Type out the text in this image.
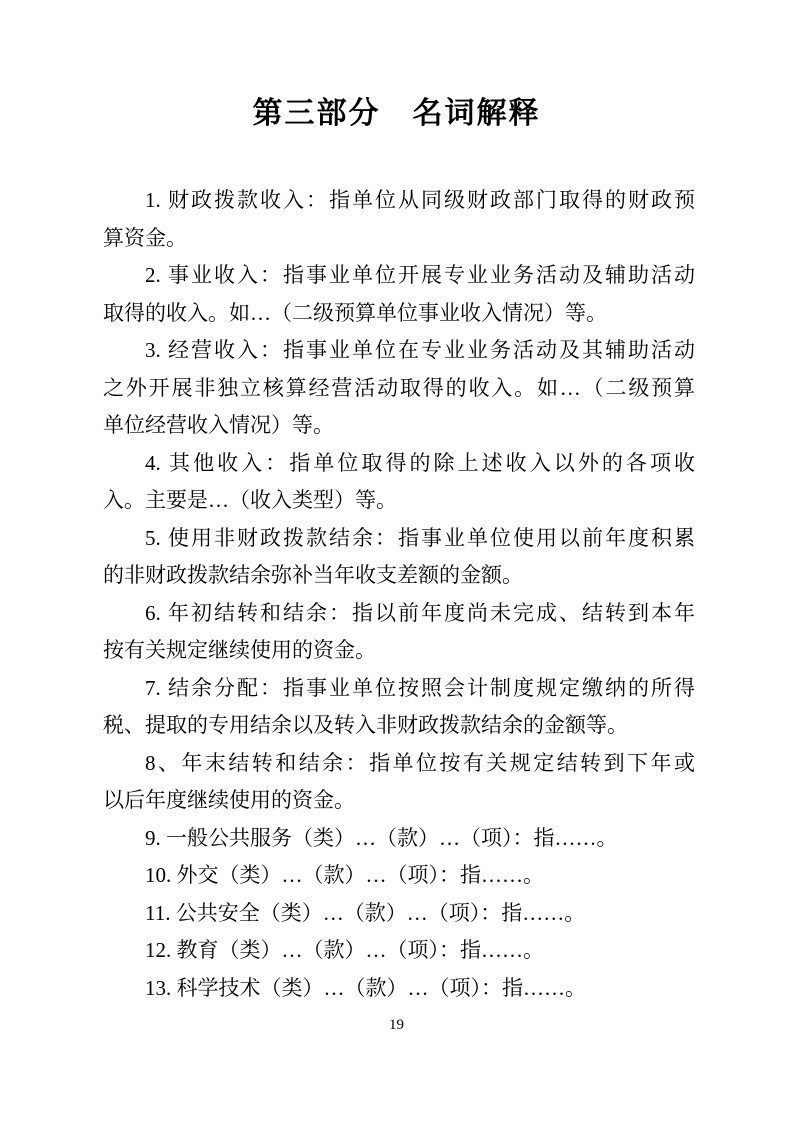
第三部分　名词解释
1. 财政拨款收入：指单位从同级财政部门取得的财政预
算资金。
2. 事业收入：指事业单位开展专业业务活动及辅助活动
取得的收入。如…（二级预算单位事业收入情况）等。
3. 经营收入：指事业单位在专业业务活动及其辅助活动
之外开展非独立核算经营活动取得的收入。如…（二级预算
单位经营收入情况）等。
4. 其他收入：指单位取得的除上述收入以外的各项收
入。主要是…（收入类型）等。
5. 使用非财政拨款结余：指事业单位使用以前年度积累
的非财政拨款结余弥补当年收支差额的金额。
6. 年初结转和结余：指以前年度尚未完成、结转到本年
按有关规定继续使用的资金。
7. 结余分配：指事业单位按照会计制度规定缴纳的所得
税、提取的专用结余以及转入非财政拨款结余的金额等。
8、年末结转和结余：指单位按有关规定结转到下年或
以后年度继续使用的资金。
9. 一般公共服务（类）…（款）…（项）：指……。
10. 外交（类）…（款）…（项）：指……。
11. 公共安全（类）…（款）…（项）：指……。
12. 教育（类）…（款）…（项）：指……。
13. 科学技术（类）…（款）…（项）：指……。
19
